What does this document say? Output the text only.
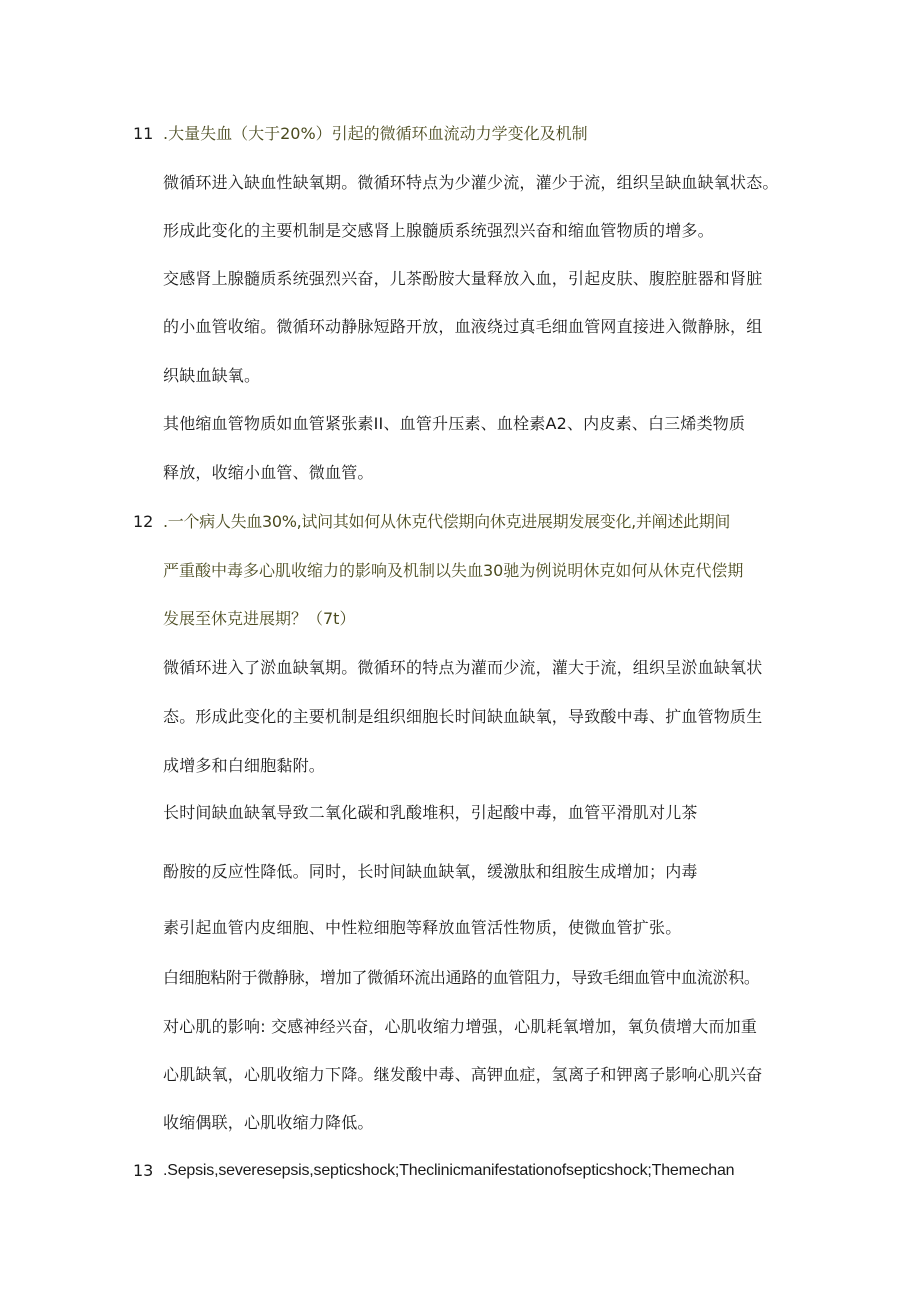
11 .大量失血（大于20%）引起的微循环血流动力学变化及机制
微循环进入缺血性缺氧期。微循环特点为少灌少流，灌少于流，组织呈缺血缺氧状态。
形成此变化的主要机制是交感肾上腺髓质系统强烈兴奋和缩血管物质的增多。
交感肾上腺髓质系统强烈兴奋，儿茶酚胺大量释放入血，引起皮肤、腹腔脏器和肾脏
的小血管收缩。微循环动静脉短路开放，血液绕过真毛细血管网直接进入微静脉，组
织缺血缺氧。
其他缩血管物质如血管紧张素II、血管升压素、血栓素A2、内皮素、白三烯类物质
释放，收缩小血管、微血管。
12 .一个病人失血30%,试问其如何从休克代偿期向休克进展期发展变化,并阐述此期间
严重酸中毒多心肌收缩力的影响及机制以失血30驰为例说明休克如何从休克代偿期
发展至休克进展期？（7t）
微循环进入了淤血缺氧期。微循环的特点为灌而少流，灌大于流，组织呈淤血缺氧状
态。形成此变化的主要机制是组织细胞长时间缺血缺氧，导致酸中毒、扩血管物质生
成增多和白细胞黏附。
长时间缺血缺氧导致二氧化碳和乳酸堆积，引起酸中毒，血管平滑肌对儿茶
酚胺的反应性降低。同时，长时间缺血缺氧，缓激肽和组胺生成增加；内毒
素引起血管内皮细胞、中性粒细胞等释放血管活性物质，使微血管扩张。
白细胞粘附于微静脉，增加了微循环流出通路的血管阻力，导致毛细血管中血流淤积。
对心肌的影响: 交感神经兴奋，心肌收缩力增强，心肌耗氧增加，氧负债增大而加重
心肌缺氧，心肌收缩力下降。继发酸中毒、高钾血症，氢离子和钾离子影响心肌兴奋
收缩偶联，心肌收缩力降低。
13 .Sepsis,severesepsis,septicshock;Theclinicmanifestationofsepticshock;Themechan
